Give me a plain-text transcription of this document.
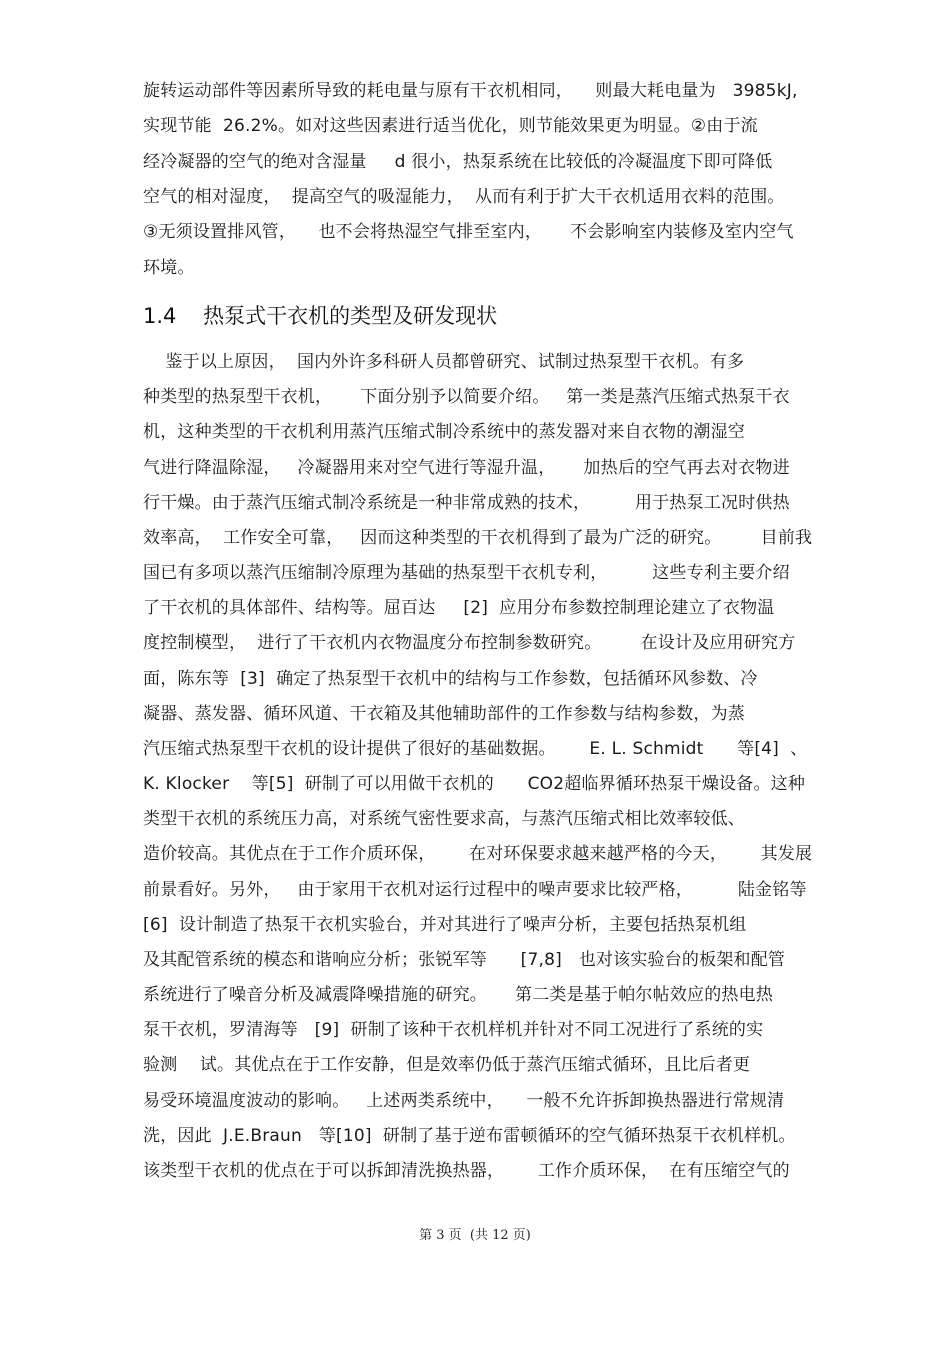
旋转运动部件等因素所导致的耗电量与原有干衣机相同，    则最大耗电量为   3985kJ,
实现节能  26.2%。如对这些因素进行适当优化，则节能效果更为明显。②由于流
经冷凝器的空气的绝对含湿量     d 很小，热泵系统在比较低的冷凝温度下即可降低
空气的相对湿度，  提高空气的吸湿能力，  从而有利于扩大干衣机适用衣料的范围。
③无须设置排风管，    也不会将热湿空气排至室内，     不会影响室内装修及室内空气
环境。
1.4    热泵式干衣机的类型及研发现状
鉴于以上原因，  国内外许多科研人员都曾研究、试制过热泵型干衣机。有多
种类型的热泵型干衣机，     下面分别予以简要介绍。   第一类是蒸汽压缩式热泵干衣
机，这种类型的干衣机利用蒸汽压缩式制冷系统中的蒸发器对来自衣物的潮湿空
气进行降温除湿，   冷凝器用来对空气进行等湿升温，     加热后的空气再去对衣物进
行干燥。由于蒸汽压缩式制冷系统是一种非常成熟的技术，        用于热泵工况时供热
效率高，  工作安全可靠，   因而这种类型的干衣机得到了最为广泛的研究。       目前我
国已有多项以蒸汽压缩制冷原理为基础的热泵型干衣机专利，        这些专利主要介绍
了干衣机的具体部件、结构等。屈百达     [2]  应用分布参数控制理论建立了衣物温
度控制模型，  进行了干衣机内衣物温度分布控制参数研究。       在设计及应用研究方
面，陈东等  [3]  确定了热泵型干衣机中的结构与工作参数，包括循环风参数、冷
凝器、蒸发器、循环风道、干衣箱及其他辅助部件的工作参数与结构参数，为蒸
汽压缩式热泵型干衣机的设计提供了很好的基础数据。      E. L. Schmidt      等[4]  、
K. Klocker    等[5]  研制了可以用做干衣机的      CO2超临界循环热泵干燥设备。这种
类型干衣机的系统压力高，对系统气密性要求高，与蒸汽压缩式相比效率较低、
造价较高。其优点在于工作介质环保，      在对环保要求越来越严格的今天，      其发展
前景看好。另外，   由于家用干衣机对运行过程中的噪声要求比较严格，        陆金铭等
[6]  设计制造了热泵干衣机实验台，并对其进行了噪声分析，主要包括热泵机组
及其配管系统的模态和谐响应分析；张锐军等      [7,8]   也对该实验台的板架和配管
系统进行了噪音分析及减震降噪措施的研究。     第二类是基于帕尔帖效应的热电热
泵干衣机，罗清海等   [9]  研制了该种干衣机样机并针对不同工况进行了系统的实
验测    试。其优点在于工作安静，但是效率仍低于蒸汽压缩式循环，且比后者更
易受环境温度波动的影响。   上述两类系统中，    一般不允许拆卸换热器进行常规清
洗，因此  J.E.Braun   等[10]  研制了基于逆布雷顿循环的空气循环热泵干衣机样机。
该类型干衣机的优点在于可以拆卸清洗换热器，      工作介质环保，  在有压缩空气的
第 3 页  (共 12 页)
